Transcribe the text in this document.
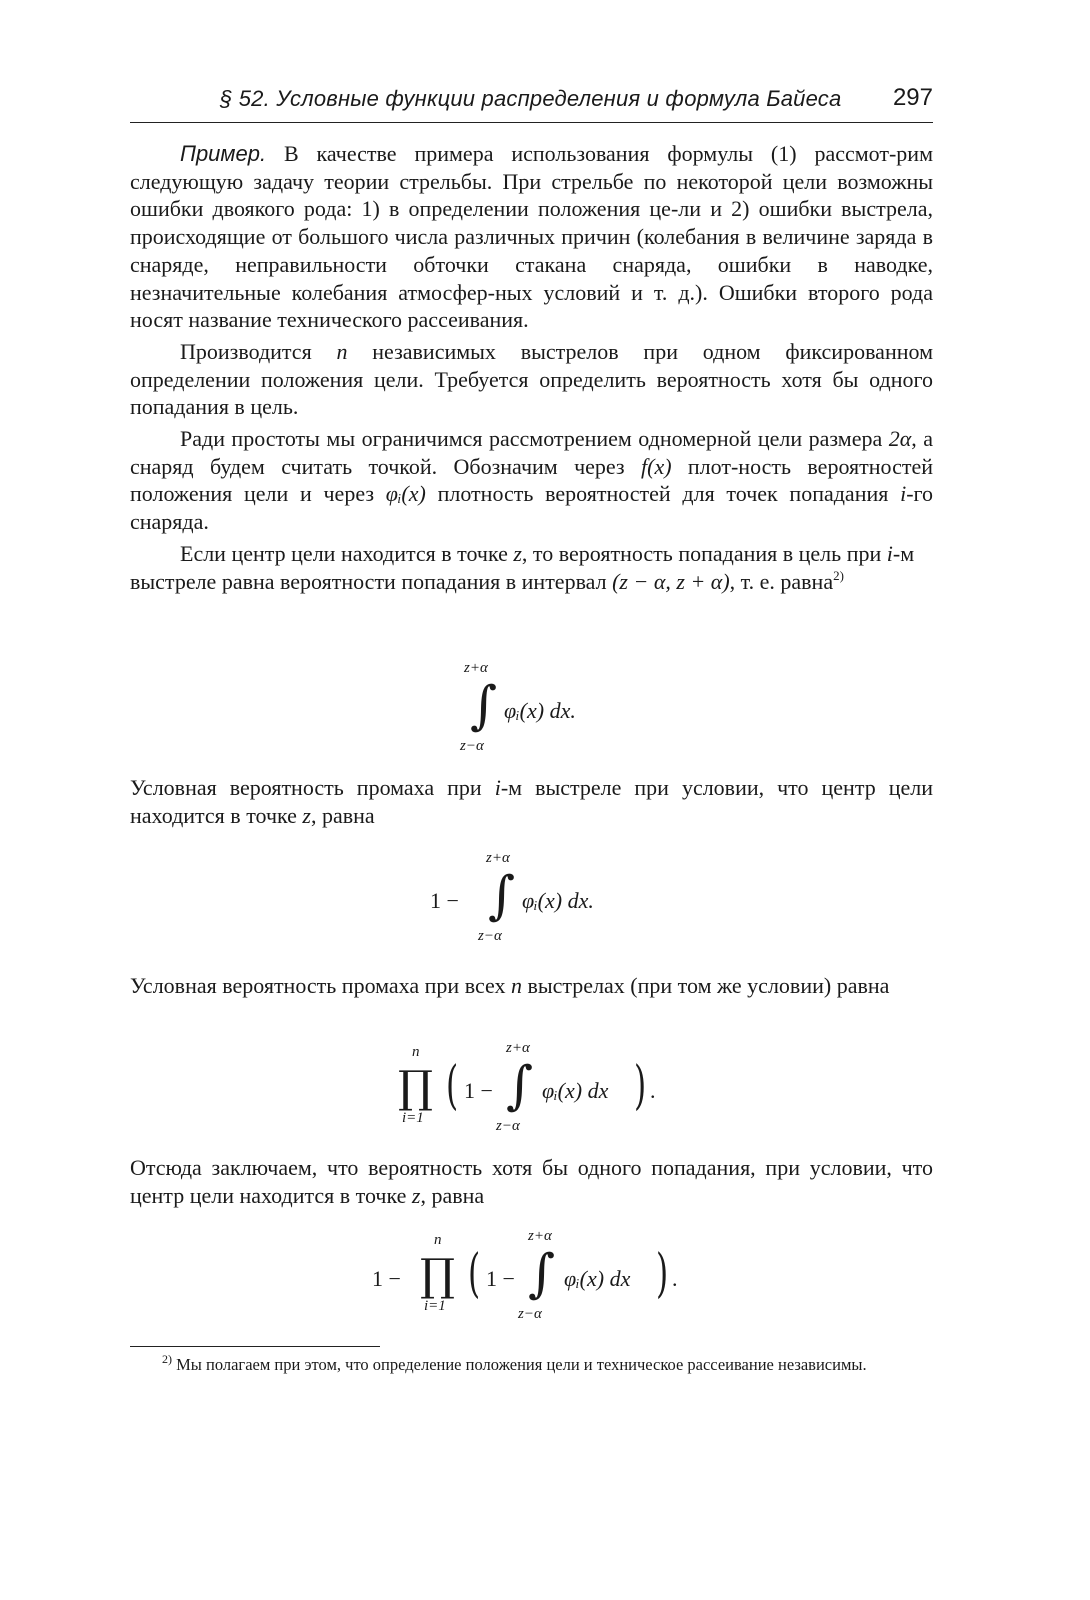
§ 52. Условные функции распределения и формула Байеса 297

Пример. В качестве примера использования формулы (1) рассмот-рим следующую задачу теории стрельбы. При стрельбе по некоторой цели возможны ошибки двоякого рода: 1) в определении положения це-ли и 2) ошибки выстрела, происходящие от большого числа различных причин (колебания в величине заряда в снаряде, неправильности обточки стакана снаряда, ошибки в наводке, незначительные колебания атмосфер-ных условий и т. д.). Ошибки второго рода носят название технического рассеивания.

Производится n независимых выстрелов при одном фиксированном определении положения цели. Требуется определить вероятность хотя бы одного попадания в цель.

Ради простоты мы ограничимся рассмотрением одномерной цели размера 2α, а снаряд будем считать точкой. Обозначим через f(x) плот-ность вероятностей положения цели и через φᵢ(x) плотность вероятностей для точек попадания i-го снаряда.

Если центр цели находится в точке z, то вероятность попадания в цель при i-м выстреле равна вероятности попадания в интервал (z − α, z + α), т. е. равна$^{2)}$

z+α
∫ φᵢ(x) dx.
z−α

Условная вероятность промаха при i-м выстреле при условии, что центр цели находится в точке z, равна

1 −
z+α
∫ φᵢ(x) dx.
z−α

Условная вероятность промаха при всех n выстрелах (при том же условии) равна

n
∏
i=1
( 1 −
z+α
∫ φᵢ(x) dx
z−α
) .

Отсюда заключаем, что вероятность хотя бы одного попадания, при условии, что центр цели находится в точке z, равна

1 −
n
∏
i=1
( 1 −
z+α
∫ φᵢ(x) dx
z−α
) .
$^{2)}$ Мы полагаем при этом, что определение положения цели и техническое рассеивание независимы.
